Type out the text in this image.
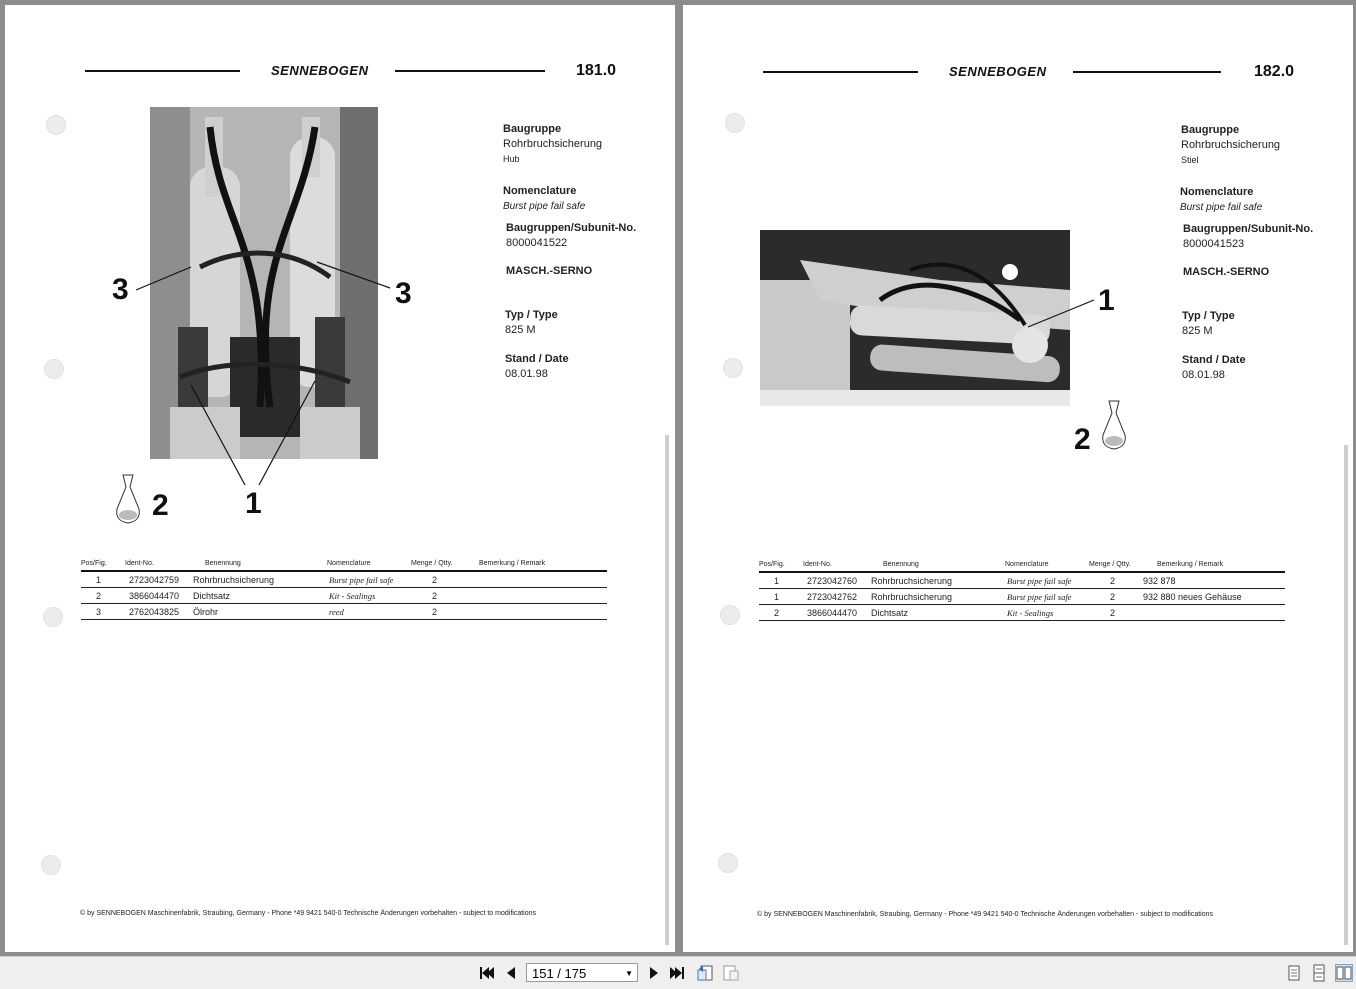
SENNEBOGEN	181.0
3	3
1
2
Baugruppe
Rohrbruchsicherung
Hub
Nomenclature
Burst pipe fail safe
Baugruppen/Subunit-No.
8000041522
MASCH.-SERNO
Typ / Type
825 M
Stand / Date
08.01.98
Pos/Fig.	Ident-No.	Benennung	Nomenclature	Menge / Qtty.	Bemerkung / Remark
1	2723042759 Rohrbruchsicherung	Burst pipe fail safe	2
2	3866044470 Dichtsatz	Kit - Sealings	2
3	2762043825 Ölrohr	reed	2
© by SENNEBOGEN Maschinenfabrik, Straubing, Germany - Phone *49 9421 540-0 Technische Änderungen vorbehalten - subject to modifications
SENNEBOGEN	182.0
1
2
Baugruppe
Rohrbruchsicherung
Stiel
Nomenclature
Burst pipe fail safe
Baugruppen/Subunit-No.
8000041523
MASCH.-SERNO
Typ / Type
825 M
Stand / Date
08.01.98
Pos/Fig.	Ident-No.	Benennung	Nomenclature	Menge / Qtty.	Bemerkung / Remark
1	2723042760 Rohrbruchsicherung	Burst pipe fail safe	2	932 878
1	2723042762 Rohrbruchsicherung	Burst pipe fail safe	2	932 880 neues Gehäuse
2	3866044470 Dichtsatz	Kit - Sealings	2
© by SENNEBOGEN Maschinenfabrik, Straubing, Germany - Phone *49 9421 540-0 Technische Änderungen vorbehalten - subject to modifications
151 / 175	▼
